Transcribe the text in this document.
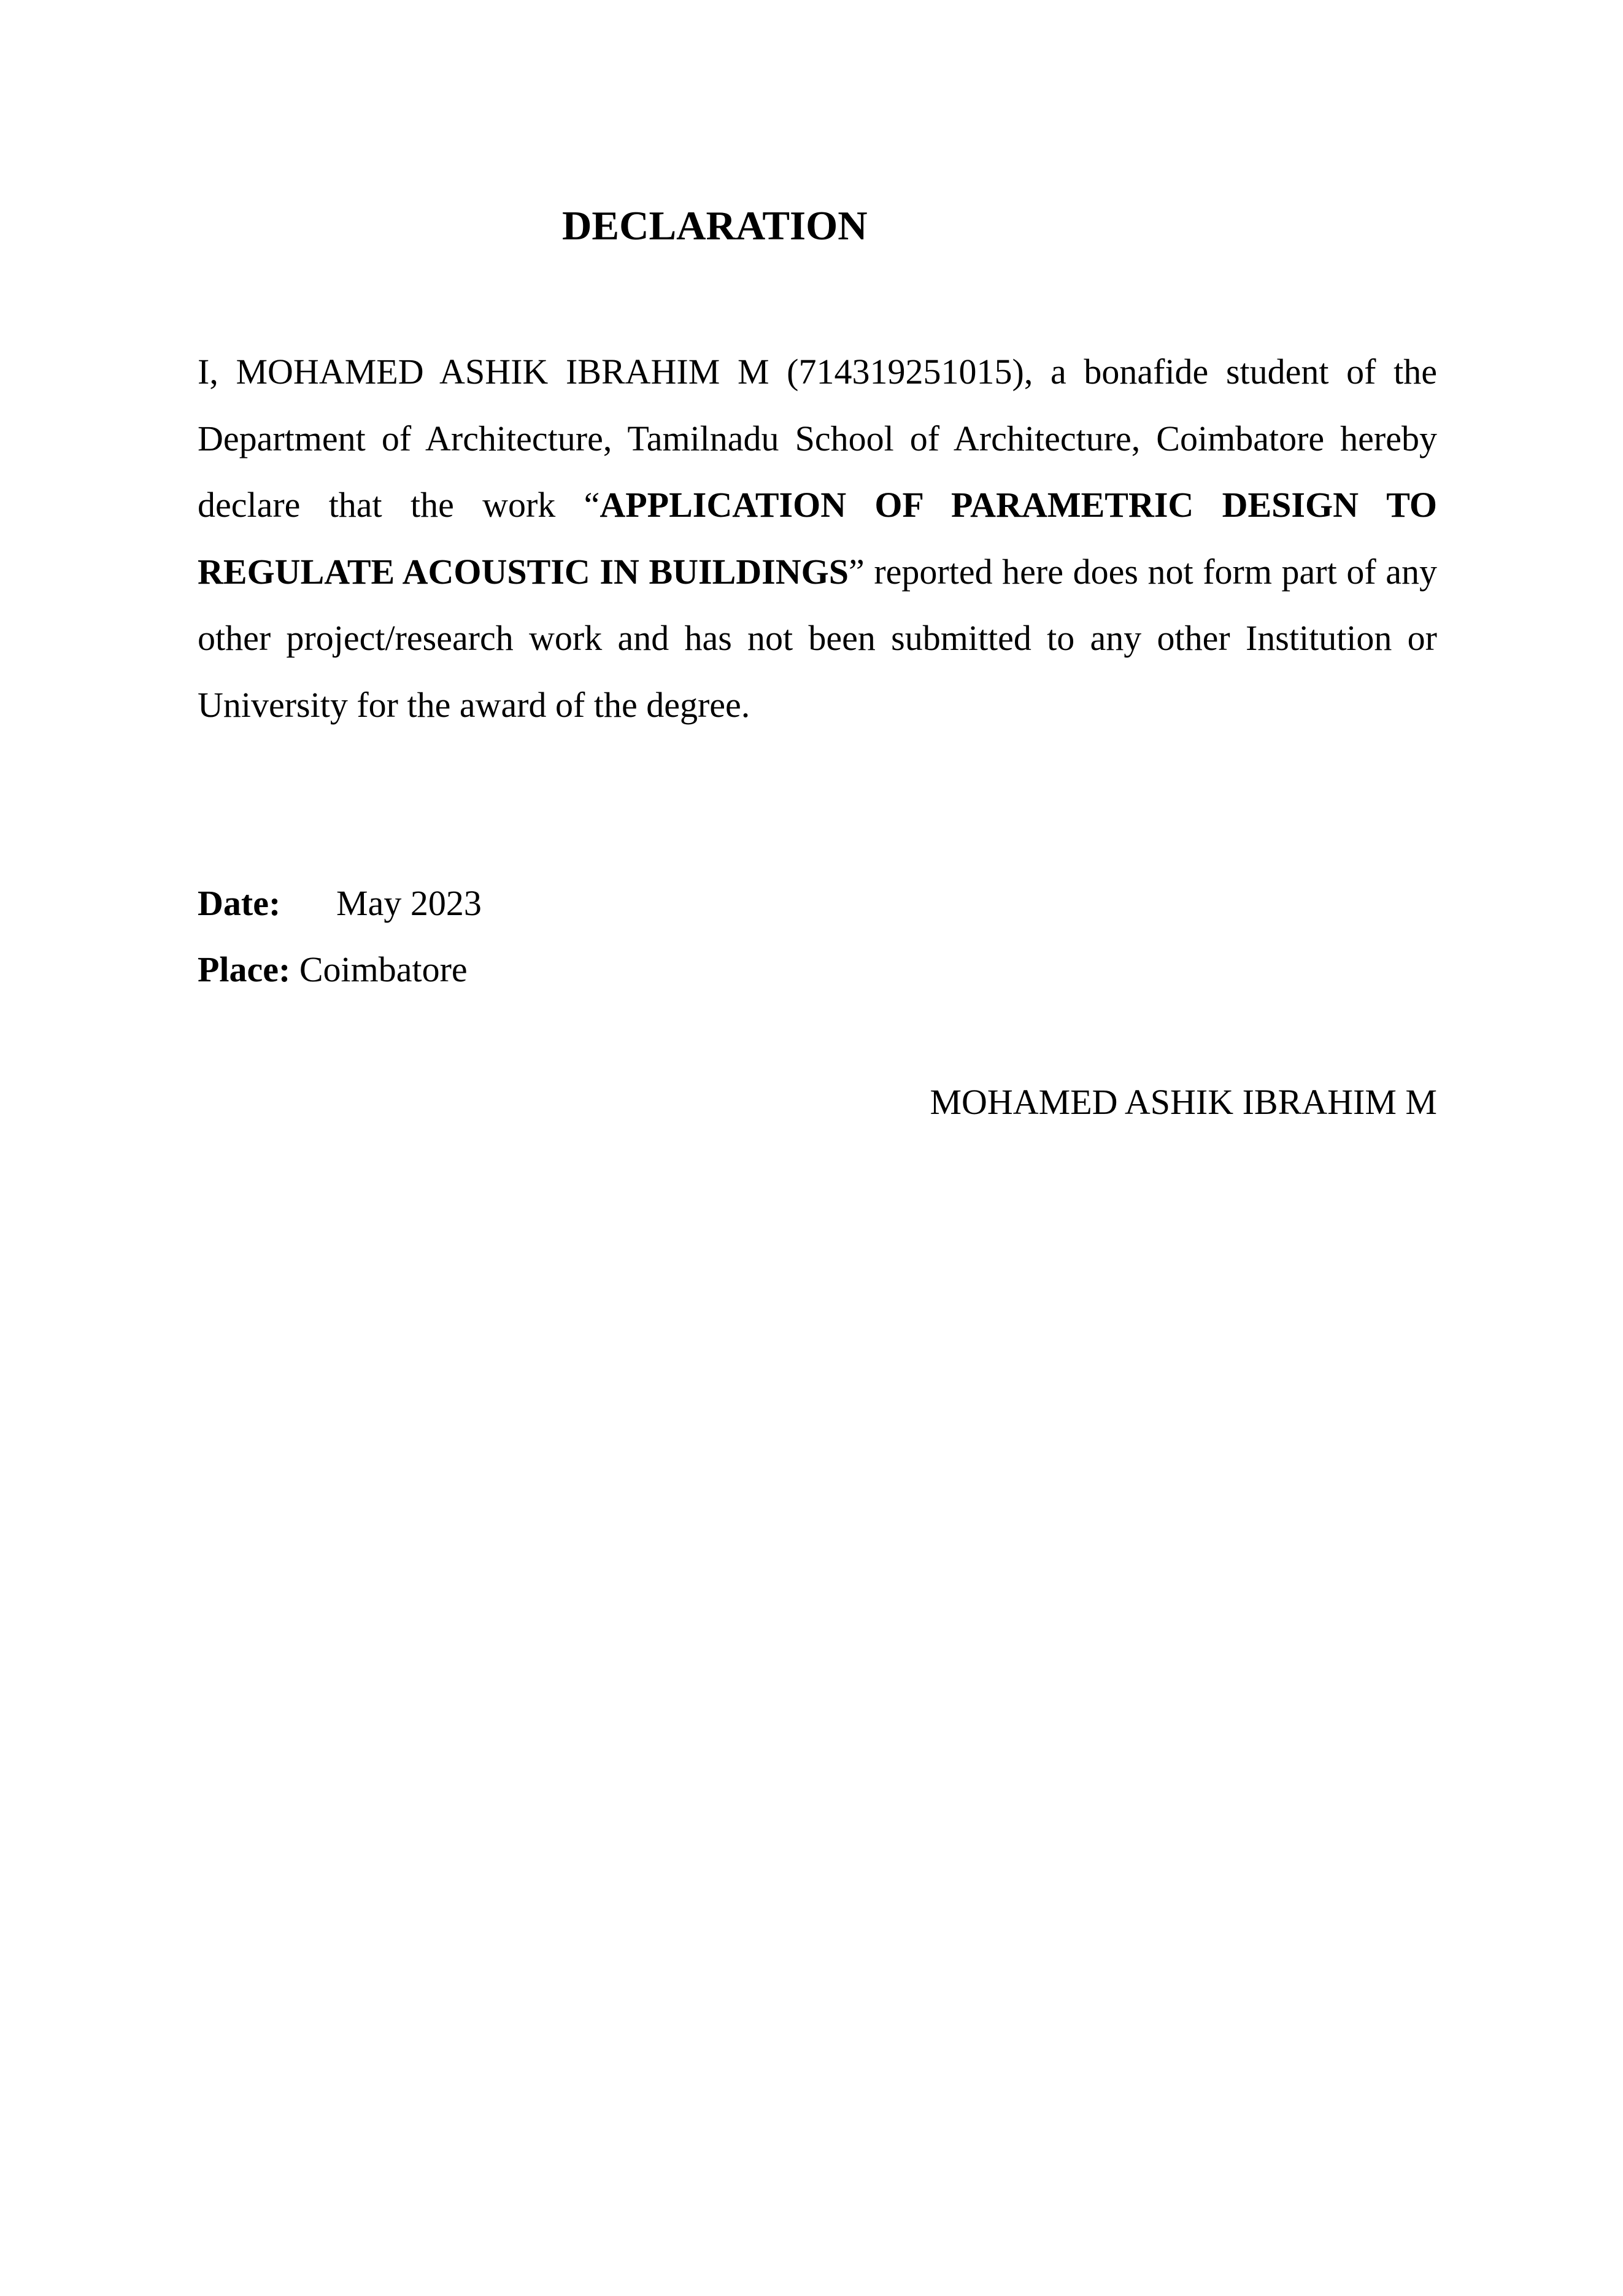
DECLARATION
I, MOHAMED ASHIK IBRAHIM M (714319251015), a bonafide student of the Department of Architecture, Tamilnadu School of Architecture, Coimbatore hereby declare that the work “APPLICATION OF PARAMETRIC DESIGN TO REGULATE ACOUSTIC IN BUILDINGS” reported here does not form part of any other project/research work and has not been submitted to any other Institution or University for the award of the degree.
Date: May 2023
Place: Coimbatore
MOHAMED ASHIK IBRAHIM M
